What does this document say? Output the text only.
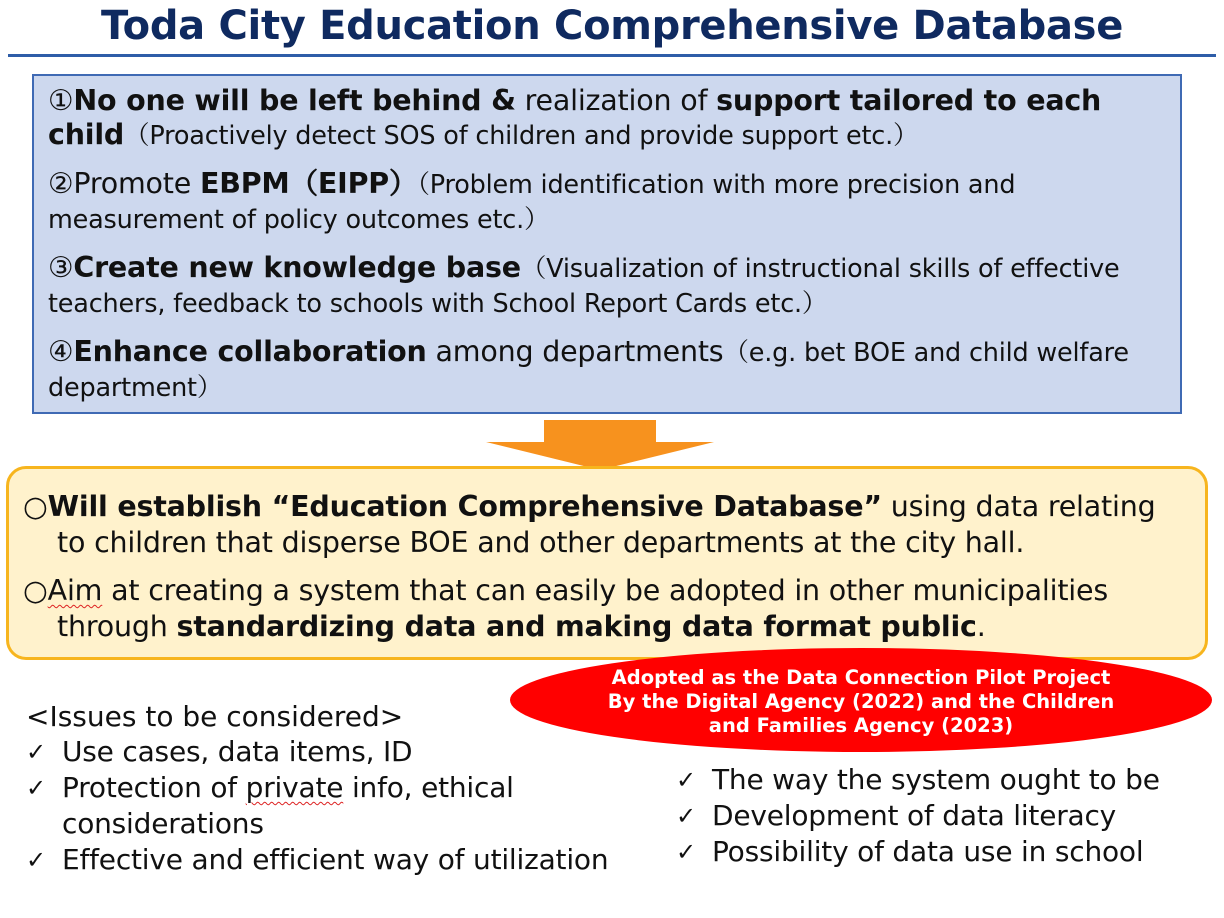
Toda City Education Comprehensive Database
①No one will be left behind & realization of support tailored to each child（Proactively detect SOS of children and provide support etc.）
②Promote EBPM（EIPP）（Problem identification with more precision and measurement of policy outcomes etc.）
③Create new knowledge base（Visualization of instructional skills of effective teachers, feedback to schools with School Report Cards etc.）
④Enhance collaboration among departments（e.g. bet BOE and child welfare department）
○Will establish “Education Comprehensive Database” using data relating
to children that disperse BOE and other departments at the city hall.
○Aim at creating a system that can easily be adopted in other municipalities
through standardizing data and making data format public.
Adopted as the Data Connection Pilot Project
By the Digital Agency (2022) and the Children
and Families Agency (2023)
<Issues to be considered>
✓ Use cases, data items, ID
✓ Protection of private info, ethical considerations
✓ Effective and efficient way of utilization
✓ The way the system ought to be
✓ Development of data literacy
✓ Possibility of data use in school
